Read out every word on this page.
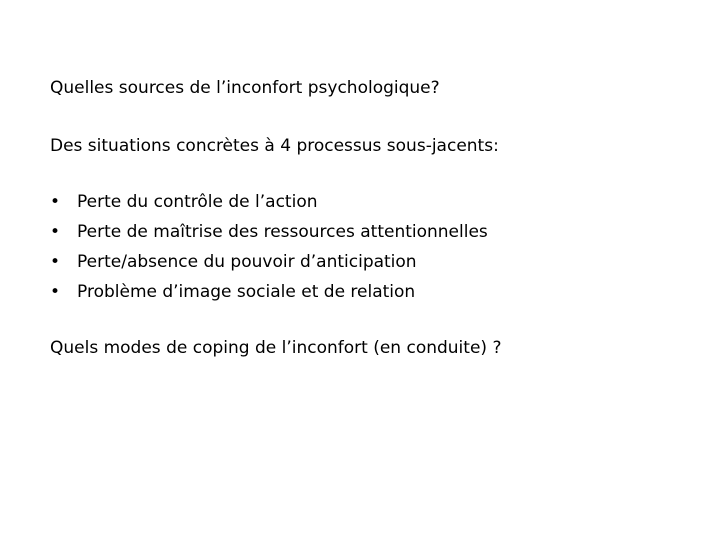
Quelles sources de l’inconfort psychologique?
Des situations concrètes à 4 processus sous-jacents:
• Perte du contrôle de l’action
• Perte de maîtrise des ressources attentionnelles
• Perte/absence du pouvoir d’anticipation
• Problème d’image sociale et de relation
Quels modes de coping de l’inconfort (en conduite) ?
